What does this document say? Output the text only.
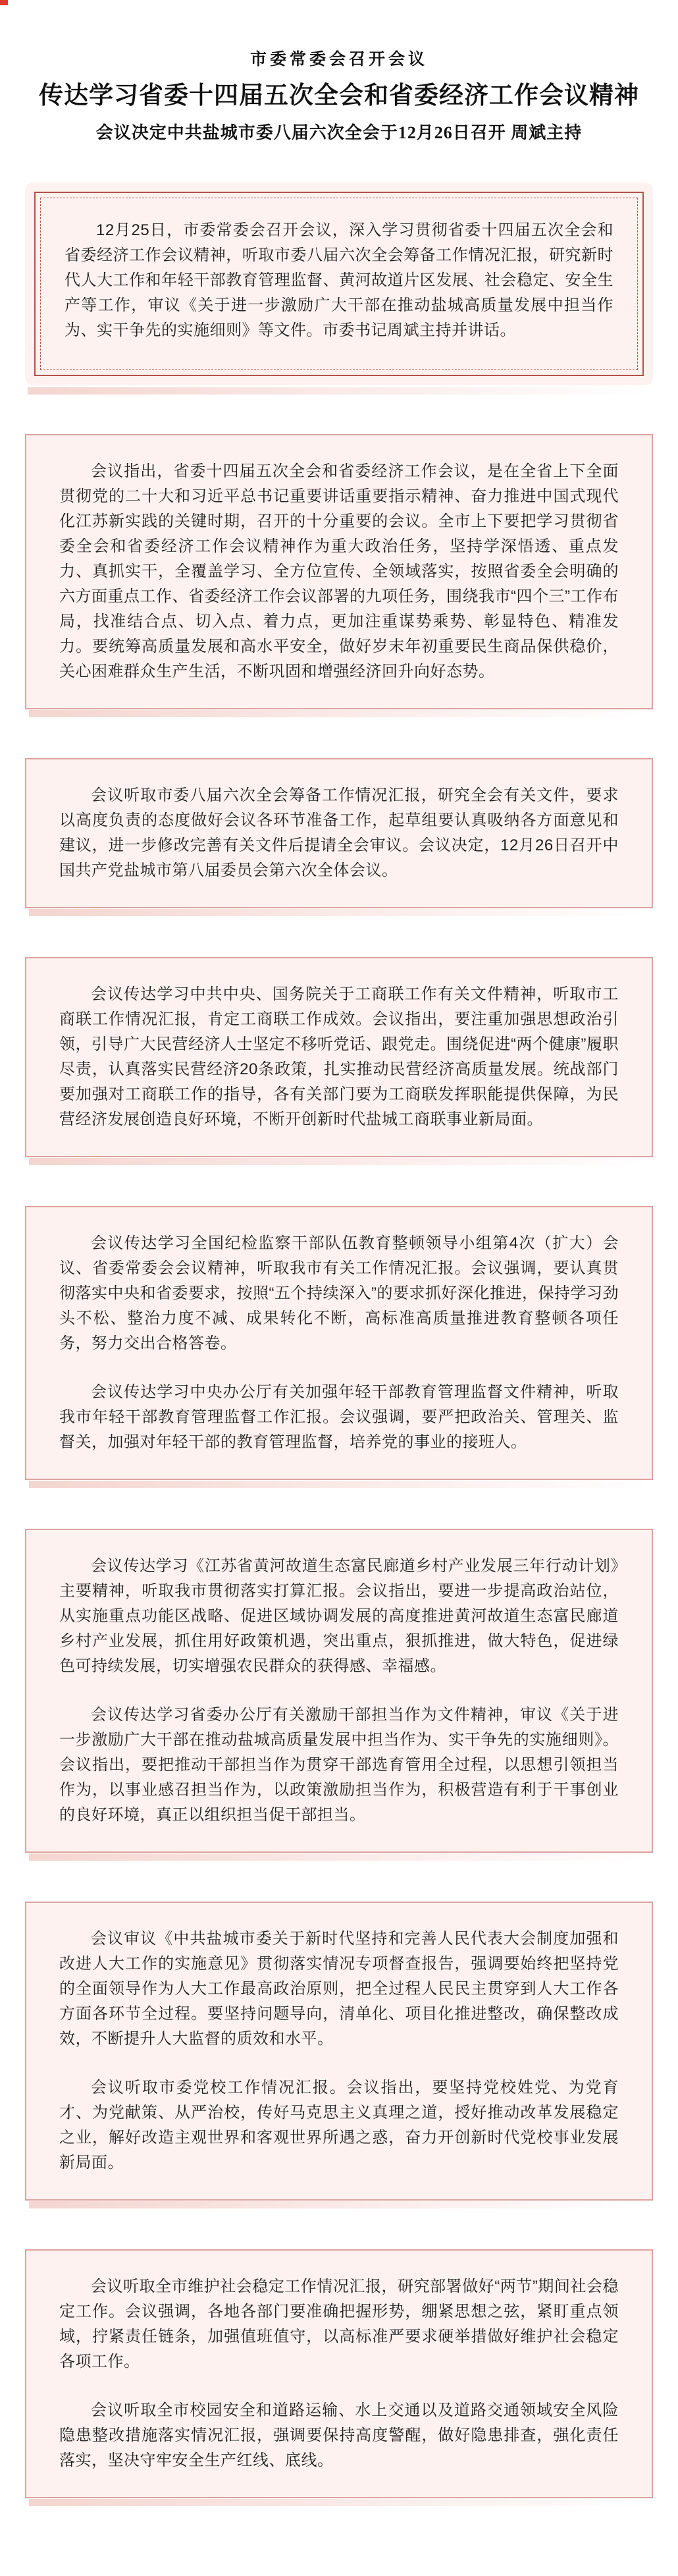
市委常委会召开会议
传达学习省委十四届五次全会和省委经济工作会议精神
会议决定中共盐城市委八届六次全会于12月26日召开 周斌主持

12月25日，市委常委会召开会议，深入学习贯彻省委十四届五次全会和省委经济工作会议精神，听取市委八届六次全会筹备工作情况汇报，研究新时代人大工作和年轻干部教育管理监督、黄河故道片区发展、社会稳定、安全生产等工作，审议《关于进一步激励广大干部在推动盐城高质量发展中担当作为、实干争先的实施细则》等文件。市委书记周斌主持并讲话。

会议指出，省委十四届五次全会和省委经济工作会议，是在全省上下全面贯彻党的二十大和习近平总书记重要讲话重要指示精神、奋力推进中国式现代化江苏新实践的关键时期，召开的十分重要的会议。全市上下要把学习贯彻省委全会和省委经济工作会议精神作为重大政治任务，坚持学深悟透、重点发力、真抓实干，全覆盖学习、全方位宣传、全领域落实，按照省委全会明确的六方面重点工作、省委经济工作会议部署的九项任务，围绕我市“四个三”工作布局，找准结合点、切入点、着力点，更加注重谋势乘势、彰显特色、精准发力。要统筹高质量发展和高水平安全，做好岁末年初重要民生商品保供稳价，关心困难群众生产生活，不断巩固和增强经济回升向好态势。

会议听取市委八届六次全会筹备工作情况汇报，研究全会有关文件，要求以高度负责的态度做好会议各环节准备工作，起草组要认真吸纳各方面意见和建议，进一步修改完善有关文件后提请全会审议。会议决定，12月26日召开中国共产党盐城市第八届委员会第六次全体会议。

会议传达学习中共中央、国务院关于工商联工作有关文件精神，听取市工商联工作情况汇报，肯定工商联工作成效。会议指出，要注重加强思想政治引领，引导广大民营经济人士坚定不移听党话、跟党走。围绕促进“两个健康”履职尽责，认真落实民营经济20条政策，扎实推动民营经济高质量发展。统战部门要加强对工商联工作的指导，各有关部门要为工商联发挥职能提供保障，为民营经济发展创造良好环境，不断开创新时代盐城工商联事业新局面。

会议传达学习全国纪检监察干部队伍教育整顿领导小组第4次（扩大）会议、省委常委会会议精神，听取我市有关工作情况汇报。会议强调，要认真贯彻落实中央和省委要求，按照“五个持续深入”的要求抓好深化推进，保持学习劲头不松、整治力度不减、成果转化不断，高标准高质量推进教育整顿各项任务，努力交出合格答卷。

会议传达学习中央办公厅有关加强年轻干部教育管理监督文件精神，听取我市年轻干部教育管理监督工作汇报。会议强调，要严把政治关、管理关、监督关，加强对年轻干部的教育管理监督，培养党的事业的接班人。

会议传达学习《江苏省黄河故道生态富民廊道乡村产业发展三年行动计划》主要精神，听取我市贯彻落实打算汇报。会议指出，要进一步提高政治站位，从实施重点功能区战略、促进区域协调发展的高度推进黄河故道生态富民廊道乡村产业发展，抓住用好政策机遇，突出重点，狠抓推进，做大特色，促进绿色可持续发展，切实增强农民群众的获得感、幸福感。

会议传达学习省委办公厅有关激励干部担当作为文件精神，审议《关于进一步激励广大干部在推动盐城高质量发展中担当作为、实干争先的实施细则》。会议指出，要把推动干部担当作为贯穿干部选育管用全过程，以思想引领担当作为，以事业感召担当作为，以政策激励担当作为，积极营造有利于干事创业的良好环境，真正以组织担当促干部担当。

会议审议《中共盐城市委关于新时代坚持和完善人民代表大会制度加强和改进人大工作的实施意见》贯彻落实情况专项督查报告，强调要始终把坚持党的全面领导作为人大工作最高政治原则，把全过程人民民主贯穿到人大工作各方面各环节全过程。要坚持问题导向，清单化、项目化推进整改，确保整改成效，不断提升人大监督的质效和水平。

会议听取市委党校工作情况汇报。会议指出，要坚持党校姓党、为党育才、为党献策、从严治校，传好马克思主义真理之道，授好推动改革发展稳定之业，解好改造主观世界和客观世界所遇之惑，奋力开创新时代党校事业发展新局面。

会议听取全市维护社会稳定工作情况汇报，研究部署做好“两节”期间社会稳定工作。会议强调，各地各部门要准确把握形势，绷紧思想之弦，紧盯重点领域，拧紧责任链条，加强值班值守，以高标准严要求硬举措做好维护社会稳定各项工作。

会议听取全市校园安全和道路运输、水上交通以及道路交通领域安全风险隐患整改措施落实情况汇报，强调要保持高度警醒，做好隐患排查，强化责任落实，坚决守牢安全生产红线、底线。
